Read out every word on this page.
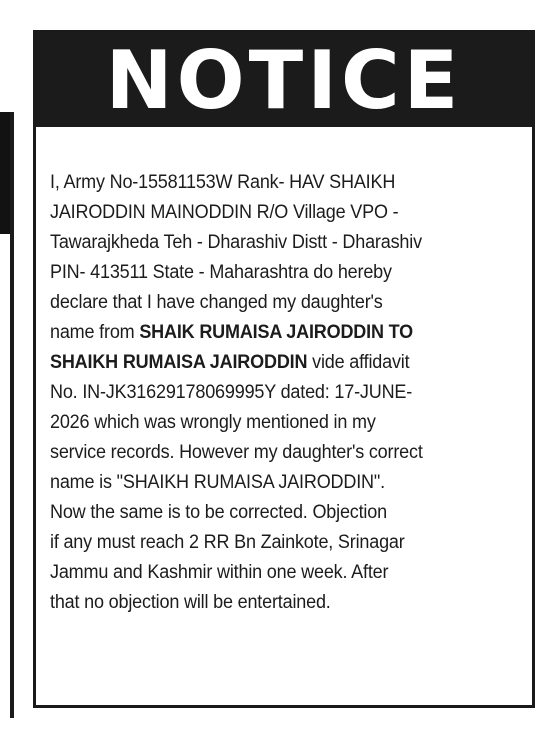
NOTICE
I, Army No-15581153W Rank- HAV SHAIKH
JAIRODDIN MAINODDIN R/O Village VPO -
Tawarajkheda Teh - Dharashiv Distt - Dharashiv
PIN- 413511 State - Maharashtra do hereby
declare that I have changed my daughter's
name from SHAIK RUMAISA JAIRODDIN TO
SHAIKH RUMAISA JAIRODDIN vide affidavit
No. IN-JK31629178069995Y dated: 17-JUNE-
2026 which was wrongly mentioned in my
service records. However my daughter's correct
name is "SHAIKH RUMAISA JAIRODDIN".
Now the same is to be corrected. Objection
if any must reach 2 RR Bn Zainkote, Srinagar
Jammu and Kashmir within one week. After
that no objection will be entertained.
